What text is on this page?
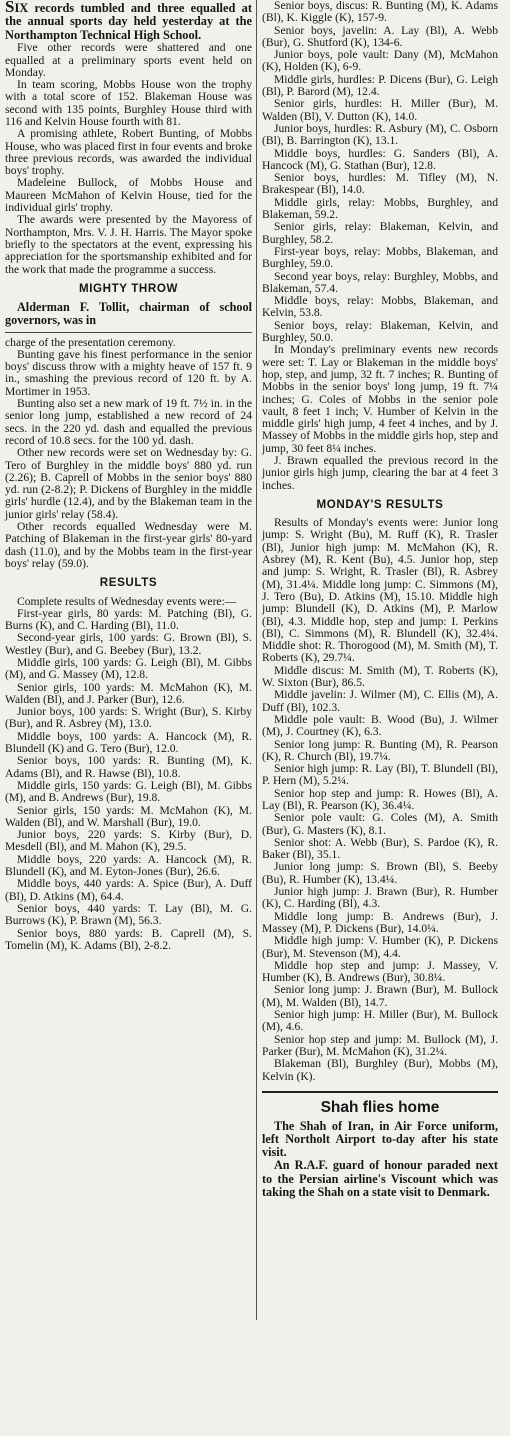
SIX records tumbled and three equalled at the annual sports day held yesterday at the Northampton Technical High School.

Five other records were shattered and one equalled at a preliminary sports event held on Monday.

In team scoring, Mobbs House won the trophy with a total score of 152. Blakeman House was second with 135 points, Burghley House third with 116 and Kelvin House fourth with 81.

A promising athlete, Robert Bunting, of Mobbs House, who was placed first in four events and broke three previous records, was awarded the individual boys' trophy.

Madeleine Bullock, of Mobbs House and Maureen McMahon of Kelvin House, tied for the individual girls' trophy.

The awards were presented by the Mayoress of Northampton, Mrs. V. J. H. Harris. The Mayor spoke briefly to the spectators at the event, expressing his appreciation for the sportsmanship exhibited and for the work that made the programme a success.

MIGHTY THROW

Alderman F. Tollit, chairman of school governors, was in

charge of the presentation ceremony.

Bunting gave his finest performance in the senior boys' discuss throw with a mighty heave of 157 ft. 9 in., smashing the previous record of 120 ft. by A. Mortimer in 1953.

Bunting also set a new mark of 19 ft. 7½ in. in the senior long jump, established a new record of 24 secs. in the 220 yd. dash and equalled the previous record of 10.8 secs. for the 100 yd. dash.

Other new records were set on Wednesday by: G. Tero of Burghley in the middle boys' 880 yd. run (2.26); B. Caprell of Mobbs in the senior boys' 880 yd. run (2-8.2); P. Dickens of Burghley in the middle girls' hurdle (12.4), and by the Blakeman team in the junior girls' relay (58.4).

Other records equalled Wednesday were M. Patching of Blakeman in the first-year girls' 80-yard dash (11.0), and by the Mobbs team in the first-year boys' relay (59.0).

RESULTS

Complete results of Wednesday events were:—

First-year girls, 80 yards: M. Patching (Bl), G. Burns (K), and C. Harding (Bl), 11.0.

Second-year girls, 100 yards: G. Brown (Bl), S. Westley (Bur), and G. Beebey (Bur), 13.2.

Middle girls, 100 yards: G. Leigh (Bl), M. Gibbs (M), and G. Massey (M), 12.8.

Senior girls, 100 yards: M. McMahon (K), M. Walden (Bl), and J. Parker (Bur), 12.6.

Junior boys, 100 yards: S. Wright (Bur), S. Kirby (Bur), and R. Asbrey (M), 13.0.

Middle boys, 100 yards: A. Hancock (M), R. Blundell (K) and G. Tero (Bur), 12.0.

Senior boys, 100 yards: R. Bunting (M), K. Adams (Bl), and R. Hawse (Bl), 10.8.

Middle girls, 150 yards: G. Leigh (Bl), M. Gibbs (M), and B. Andrews (Bur), 19.8.

Senior girls, 150 yards: M. McMahon (K), M. Walden (Bl), and W. Marshall (Bur), 19.0.

Junior boys, 220 yards: S. Kirby (Bur), D. Mesdell (Bl), and M. Mahon (K), 29.5.

Middle boys, 220 yards: A. Hancock (M), R. Blundell (K), and M. Eyton-Jones (Bur), 26.6.

Middle boys, 440 yards: A. Spice (Bur), A. Duff (Bl), D. Atkins (M), 64.4.

Senior boys, 440 yards: T. Lay (Bl), M. G. Burrows (K), P. Brawn (M), 56.3.

Senior boys, 880 yards: B. Caprell (M), S. Tomelin (M), K. Adams (Bl), 2-8.2.

Senior boys, discus: R. Bunting (M), K. Adams (Bl), K. Kiggle (K), 157-9.

Senior boys, javelin: A. Lay (Bl), A. Webb (Bur), G. Shutford (K), 134-6.

Junior boys, pole vault: Dany (M), McMahon (K), Holden (K), 6-9.

Middle girls, hurdles: P. Dicens (Bur), G. Leigh (Bl), P. Barord (M), 12.4.

Senior girls, hurdles: H. Miller (Bur), M. Walden (Bl), V. Dutton (K), 14.0.

Junior boys, hurdles: R. Asbury (M), C. Osborn (Bl), B. Barrington (K), 13.1.

Middle boys, hurdles: G. Sanders (Bl), A. Hancock (M), G. Stathan (Bur), 12.8.

Senior boys, hurdles: M. Tifley (M), N. Brakespear (Bl), 14.0.

Middle girls, relay: Mobbs, Burghley, and Blakeman, 59.2.

Senior girls, relay: Blakeman, Kelvin, and Burghley, 58.2.

First-year boys, relay: Mobbs, Blakeman, and Burghley, 59.0.

Second year boys, relay: Burghley, Mobbs, and Blakeman, 57.4.

Middle boys, relay: Mobbs, Blakeman, and Kelvin, 53.8.

Senior boys, relay: Blakeman, Kelvin, and Burghley, 50.0.

In Monday's preliminary events new records were set: T. Lay or Blakeman in the middle boys' hop, step, and jump, 32 ft. 7 inches; R. Bunting of Mobbs in the senior boys' long jump, 19 ft. 7¼ inches; G. Coles of Mobbs in the senior pole vault, 8 feet 1 inch; V. Humber of Kelvin in the middle girls' high jump, 4 feet 4 inches, and by J. Massey of Mobbs in the middle girls hop, step and jump, 30 feet 8¼ inches.

J. Brawn equalled the previous record in the junior girls high jump, clearing the bar at 4 feet 3 inches.

MONDAY'S RESULTS

Results of Monday's events were: Junior long jump: S. Wright (Bu), M. Ruff (K), R. Trasler (Bl), Junior high jump: M. McMahon (K), R. Asbrey (M), R. Kent (Bu), 4.5. Junior hop, step and jump: S. Wright, R. Trasler (Bl), R. Asbrey (M), 31.4¼. Middle long jump: C. Simmons (M), J. Tero (Bu), D. Atkins (M), 15.10. Middle high jump: Blundell (K), D. Atkins (M), P. Marlow (Bl), 4.3. Middle hop, step and jump: I. Perkins (Bl), C. Simmons (M), R. Blundell (K), 32.4¼. Middle shot: R. Thorogood (M), M. Smith (M), T. Roberts (K), 29.7¼.

Middle discus: M. Smith (M), T. Roberts (K), W. Sixton (Bur), 86.5.

Middle javelin: J. Wilmer (M), C. Ellis (M), A. Duff (Bl), 102.3.

Middle pole vault: B. Wood (Bu), J. Wilmer (M), J. Courtney (K), 6.3.

Senior long jump: R. Bunting (M), R. Pearson (K), R. Church (Bl), 19.7¼.

Senior high jump: R. Lay (Bl), T. Blundell (Bl), P. Hern (M), 5.2¼.

Senior hop step and jump: R. Howes (Bl), A. Lay (Bl), R. Pearson (K), 36.4¼.

Senior pole vault: G. Coles (M), A. Smith (Bur), G. Masters (K), 8.1.

Senior shot: A. Webb (Bur), S. Pardoe (K), R. Baker (Bl), 35.1.

Junior long jump: S. Brown (Bl), S. Beeby (Bu), R. Humber (K), 13.4¼.

Junior high jump: J. Brawn (Bur), R. Humber (K), C. Harding (Bl), 4.3.

Middle long jump: B. Andrews (Bur), J. Massey (M), P. Dickens (Bur), 14.0¼.

Middle high jump: V. Humber (K), P. Dickens (Bur), M. Stevenson (M), 4.4.

Middle hop step and jump: J. Massey, V. Humber (K), B. Andrews (Bur), 30.8¼.

Senior long jump: J. Brawn (Bur), M. Bullock (M), M. Walden (Bl), 14.7.

Senior high jump: H. Miller (Bur), M. Bullock (M), 4.6.

Senior hop step and jump: M. Bullock (M), J. Parker (Bur), M. McMahon (K), 31.2¼.

Blakeman (Bl), Burghley (Bur), Mobbs (M), Kelvin (K).

Shah flies home

The Shah of Iran, in Air Force uniform, left Northolt Airport to-day after his state visit.

An R.A.F. guard of honour paraded next to the Persian airline's Viscount which was taking the Shah on a state visit to Denmark.
